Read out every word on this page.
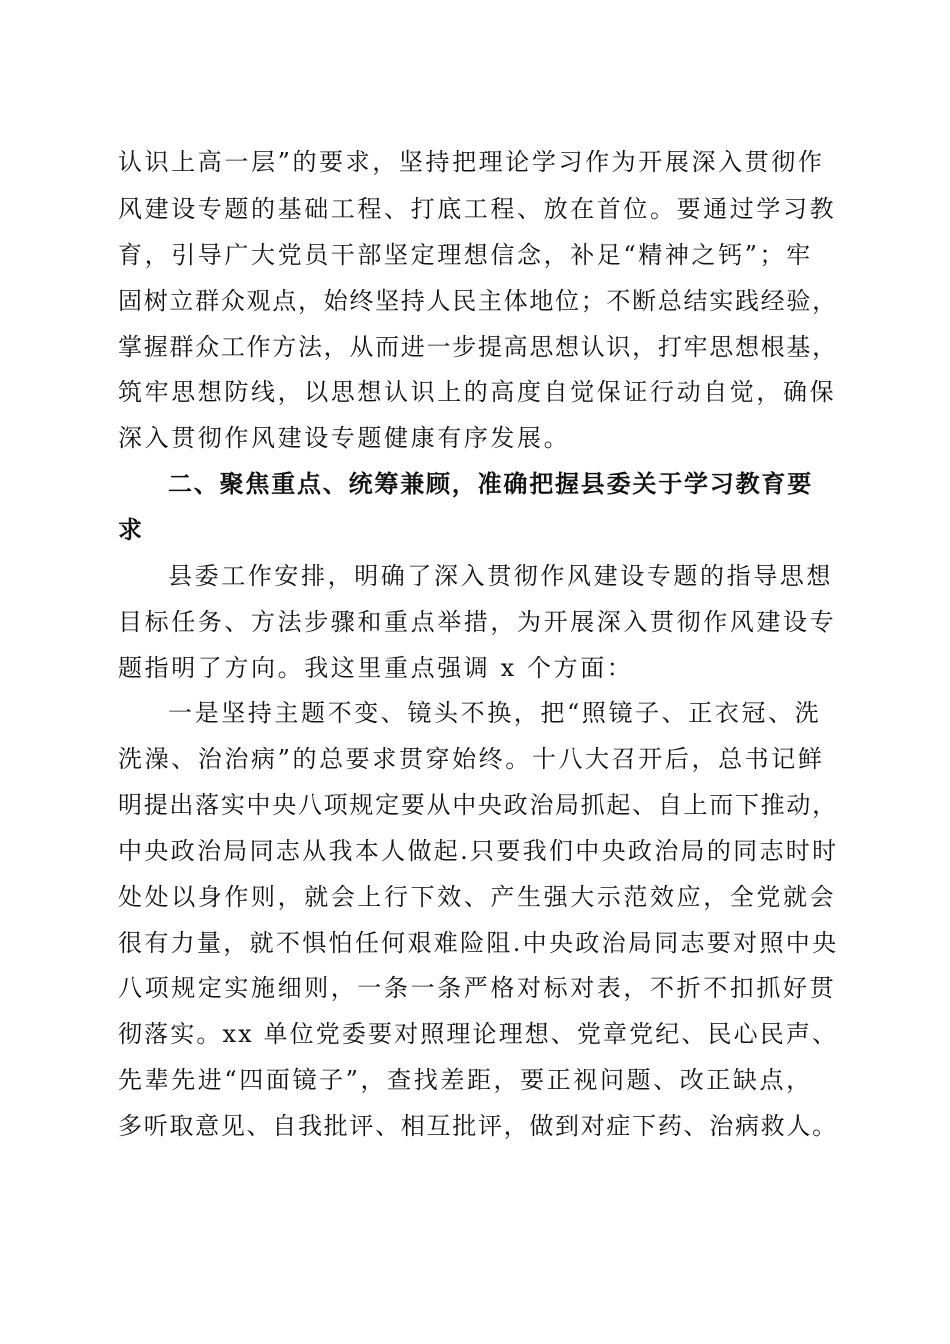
认识上高一层”的要求，坚持把理论学习作为开展深入贯彻作
风建设专题的基础工程、打底工程、放在首位。要通过学习教
育，引导广大党员干部坚定理想信念，补足“精神之钙”；牢
固树立群众观点，始终坚持人民主体地位；不断总结实践经验，
掌握群众工作方法，从而进一步提高思想认识，打牢思想根基，
筑牢思想防线，以思想认识上的高度自觉保证行动自觉，确保
深入贯彻作风建设专题健康有序发展。
二、聚焦重点、统筹兼顾，准确把握县委关于学习教育要
求
县委工作安排，明确了深入贯彻作风建设专题的指导思想
目标任务、方法步骤和重点举措，为开展深入贯彻作风建设专
题指明了方向。我这里重点强调 x 个方面：
一是坚持主题不变、镜头不换，把“照镜子、正衣冠、洗
洗澡、治治病”的总要求贯穿始终。十八大召开后，总书记鲜
明提出落实中央八项规定要从中央政治局抓起、自上而下推动，
中央政治局同志从我本人做起.只要我们中央政治局的同志时时
处处以身作则，就会上行下效、产生强大示范效应，全党就会
很有力量，就不惧怕任何艰难险阻.中央政治局同志要对照中央
八项规定实施细则，一条一条严格对标对表，不折不扣抓好贯
彻落实。xx 单位党委要对照理论理想、党章党纪、民心民声、
先辈先进“四面镜子”，查找差距，要正视问题、改正缺点，
多听取意见、自我批评、相互批评，做到对症下药、治病救人。
